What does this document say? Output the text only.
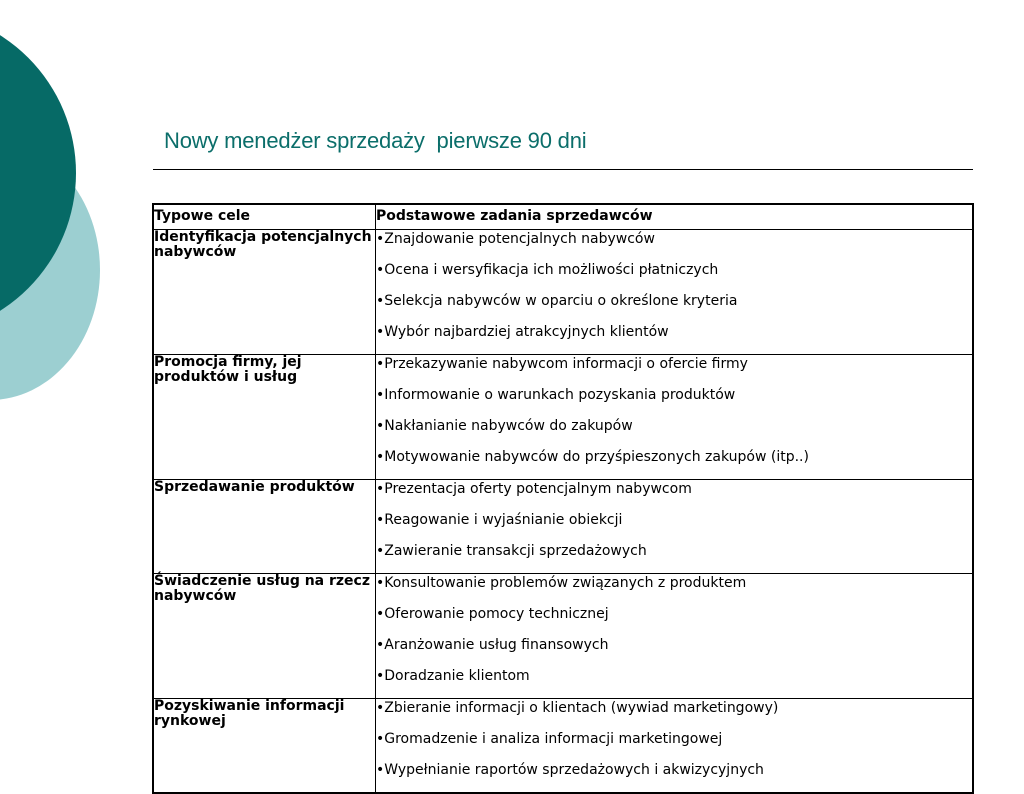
Nowy menedżer sprzedaży  pierwsze 90 dni
Typowe cele	Podstawowe zadania sprzedawców

Identyfikacja potencjalnych nabywców	•Znajdowanie potencjalnych nabywców
•Ocena i wersyfikacja ich możliwości płatniczych
•Selekcja nabywców w oparciu o określone kryteria
•Wybór najbardziej atrakcyjnych klientów

Promocja firmy, jej produktów i usług	•Przekazywanie nabywcom informacji o ofercie firmy
•Informowanie o warunkach pozyskania produktów
•Nakłanianie nabywców do zakupów
•Motywowanie nabywców do przyśpieszonych zakupów (itp..)

Sprzedawanie produktów	•Prezentacja oferty potencjalnym nabywcom
•Reagowanie i wyjaśnianie obiekcji
•Zawieranie transakcji sprzedażowych

Świadczenie usług na rzecz nabywców	•Konsultowanie problemów związanych z produktem
•Oferowanie pomocy technicznej
•Aranżowanie usług finansowych
•Doradzanie klientom

Pozyskiwanie informacji rynkowej	•Zbieranie informacji o klientach (wywiad marketingowy)
•Gromadzenie i analiza informacji marketingowej
•Wypełnianie raportów sprzedażowych i akwizycyjnych
